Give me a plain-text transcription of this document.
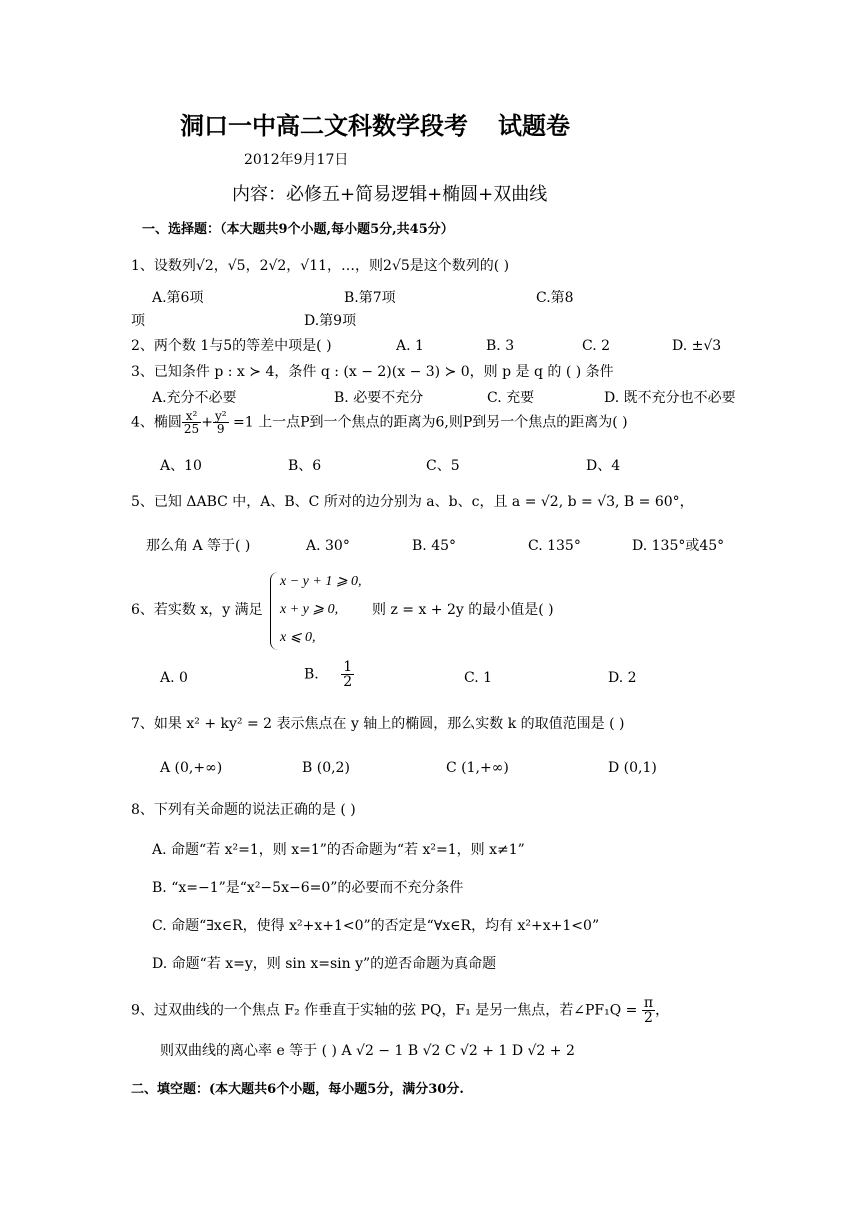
洞口一中高二文科数学段考 试题卷
2012年9月17日
内容：必修五+简易逻辑+椭圆+双曲线
一、选择题：（本大题共9个小题,每小题5分,共45分）
1、设数列√2，√5，2√2，√11，…，则2√5是这个数列的( )
A.第6项	B.第7项	C.第8
项	D.第9项
2、两个数 1与5的等差中项是( )	A. 1	B. 3	C. 2	D. ±√3
3、已知条件 p : x ≻ 4，条件 q : (x − 2)(x − 3) ≻ 0，则 p 是 q 的 ( ) 条件
A.充分不必要	B. 必要不充分	C. 充要	D. 既不充分也不必要
4、椭圆 $\frac{\text{x²}}{25} + \frac{\text{y²}}{9} =1$ 上一点P到一个焦点的距离为6,则P到另一个焦点的距离为( )
A、10	B、6	C、5	D、4
5、已知 ΔABC 中，A、B、C 所对的边分别为 a、b、c，且 a = √2, b = √3, B = 60°，
那么角 A 等于( )	A. 30°	B. 45°	C. 135°	D. 135°或45°
6、若实数 x，y 满足
x − y + 1 ⩾ 0,
x + y ⩾ 0,
x ⩽ 0,
则 z = x + 2y 的最小值是( )
A. 0	B. $\frac{1}{2}$	C. 1	D. 2
7、如果 x² + ky² = 2 表示焦点在 y 轴上的椭圆，那么实数 k 的取值范围是 ( )
A (0,+∞)	B (0,2)	C (1,+∞)	D (0,1)
8、下列有关命题的说法正确的是 ( )
A. 命题“若 x²=1，则 x=1”的否命题为“若 x²=1，则 x≠1”
B. “x=−1”是“x²−5x−6=0”的必要而不充分条件
C. 命题“∃x∈R，使得 x²+x+1<0”的否定是“∀x∈R，均有 x²+x+1<0”
D. 命题“若 x=y，则 sin x=sin y”的逆否命题为真命题
9、过双曲线的一个焦点 F₂ 作垂直于实轴的弦 PQ，F₁ 是另一焦点，若∠PF₁Q = $\frac{\pi}{2}$ ，
则双曲线的离心率 e 等于 ( ) A √2 − 1 B √2 C √2 + 1 D √2 + 2
二、填空题：(本大题共6个小题，每小题5分，满分30分.
